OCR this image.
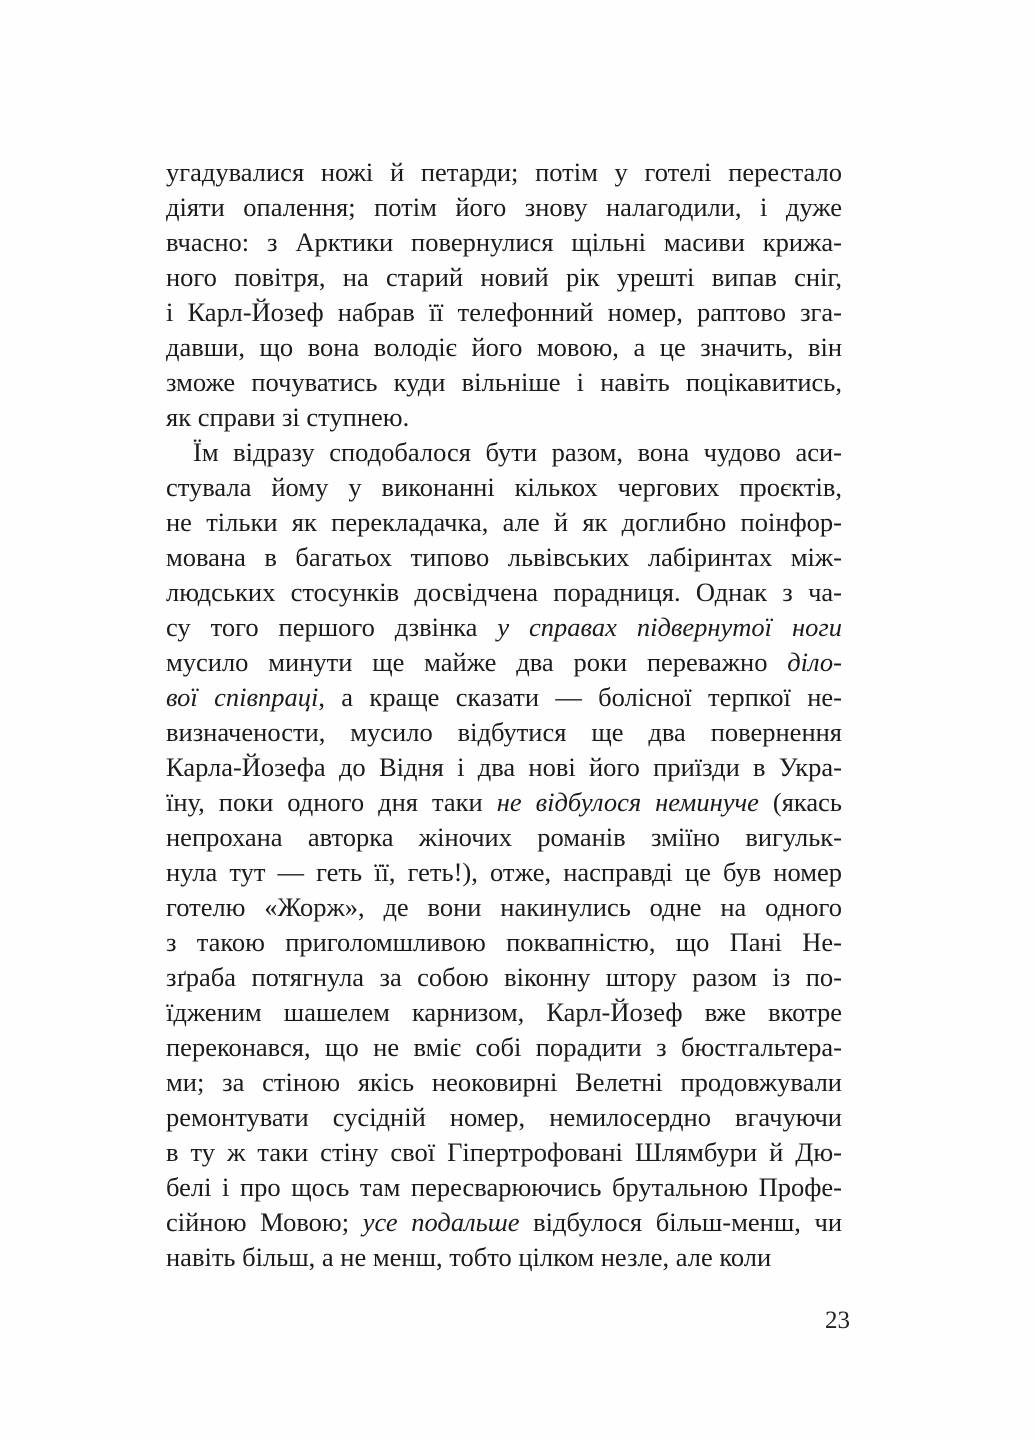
угадувалися ножі й петарди; потім у готелі перестало
діяти опалення; потім його знову налагодили, і дуже
вчасно: з Арктики повернулися щільні масиви крижа-
ного повітря, на старий новий рік урешті випав сніг,
і Карл-Йозеф набрав її телефонний номер, раптово зга-
давши, що вона володіє його мовою, а це значить, він
зможе почуватись куди вільніше і навіть поцікавитись,
як справи зі ступнею.
Їм відразу сподобалося бути разом, вона чудово аси-
стувала йому у виконанні кількох чергових проєктів,
не тільки як перекладачка, але й як доглибно поінфор-
мована в багатьох типово львівських лабіринтах між-
людських стосунків досвідчена порадниця. Однак з ча-
су того першого дзвінка у справах підвернутої ноги
мусило минути ще майже два роки переважно діло-
вої співпраці, а краще сказати — болісної терпкої не-
визначености, мусило відбутися ще два повернення
Карла-Йозефа до Відня і два нові його приїзди в Укра-
їну, поки одного дня таки не відбулося неминуче (якась
непрохана авторка жіночих романів зміїно вигульк-
нула тут — геть її, геть!), отже, насправді це був номер
готелю «Жорж», де вони накинулись одне на одного
з такою приголомшливою поквапністю, що Пані Не-
зґраба потягнула за собою віконну штору разом із по-
їдженим шашелем карнизом, Карл-Йозеф вже вкотре
переконався, що не вміє собі порадити з бюстгальтера-
ми; за стіною якісь неоковирні Велетні продовжували
ремонтувати сусідній номер, немилосердно вгачуючи
в ту ж таки стіну свої Гіпертрофовані Шлямбури й Дю-
белі і про щось там пересварюючись брутальною Профе-
сійною Мовою; усе подальше відбулося більш-менш, чи
навіть більш, а не менш, тобто цілком незле, але коли
23
